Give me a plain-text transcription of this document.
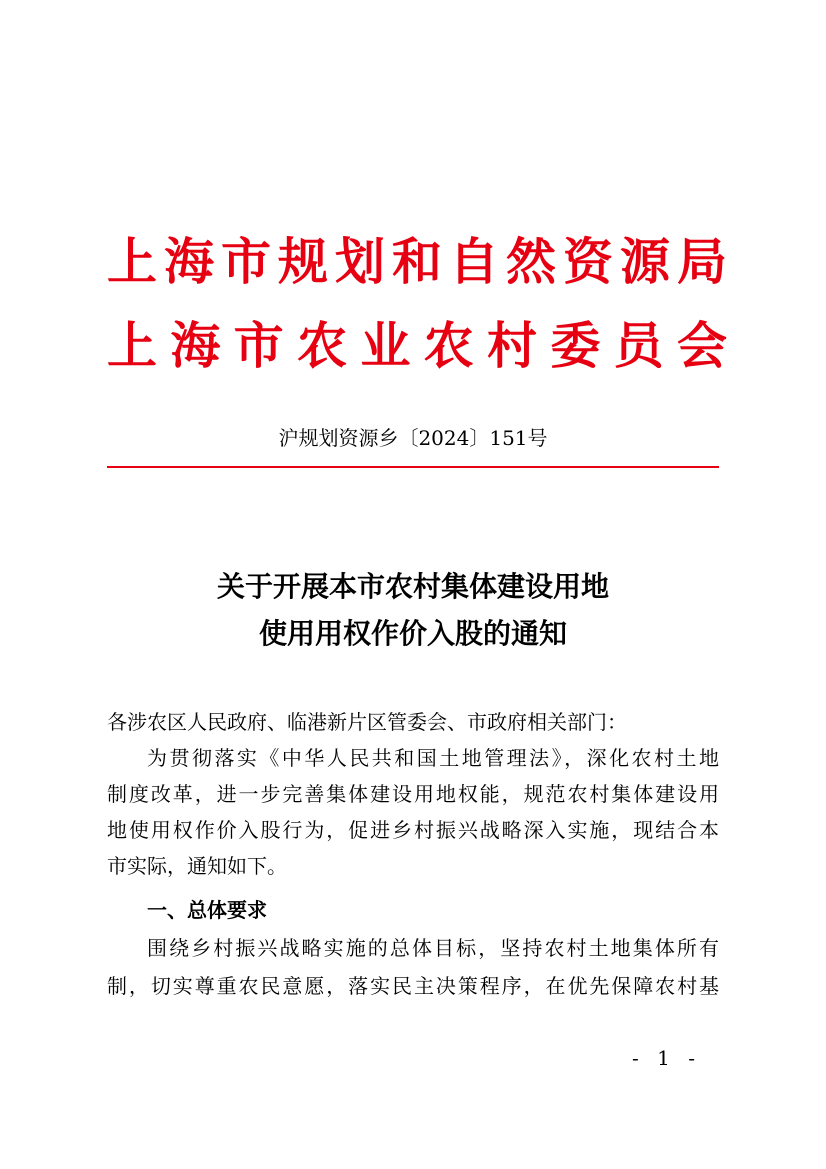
上海市规划和自然资源局
上海市农业农村委员会
沪规划资源乡〔2024〕151号
关于开展本市农村集体建设用地
使用用权作价入股的通知
各涉农区人民政府、临港新片区管委会、市政府相关部门：
为贯彻落实《中华人民共和国土地管理法》，深化农村土地
制度改革，进一步完善集体建设用地权能，规范农村集体建设用
地使用权作价入股行为，促进乡村振兴战略深入实施，现结合本
市实际，通知如下。
一、总体要求
围绕乡村振兴战略实施的总体目标，坚持农村土地集体所有
制，切实尊重农民意愿，落实民主决策程序，在优先保障农村基
- 1 -
